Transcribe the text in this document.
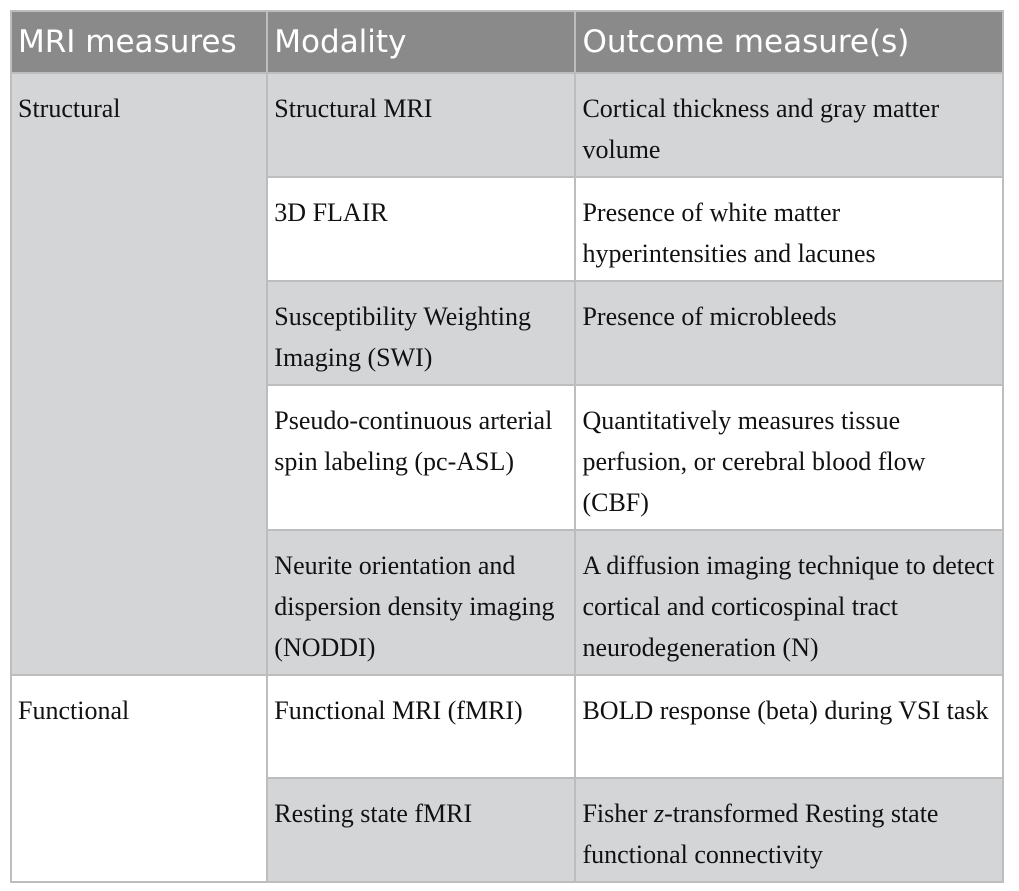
MRI measures	Modality	Outcome measure(s)
Structural	Structural MRI	Cortical thickness and gray matter volume
	3D FLAIR	Presence of white matter hyperintensities and lacunes
	Susceptibility Weighting Imaging (SWI)	Presence of microbleeds
	Pseudo-continuous arterial spin labeling (pc-ASL)	Quantitatively measures tissue perfusion, or cerebral blood flow (CBF)
	Neurite orientation and dispersion density imaging (NODDI)	A diffusion imaging technique to detect cortical and corticospinal tract neurodegeneration (N)
Functional	Functional MRI (fMRI)	BOLD response (beta) during VSI task
	Resting state fMRI	Fisher z-transformed Resting state functional connectivity
